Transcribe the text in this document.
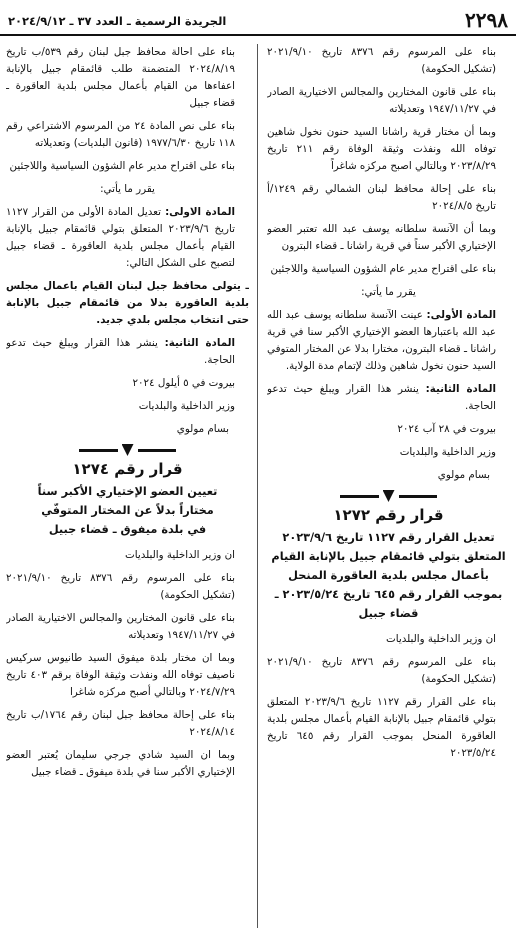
٢٢٩٨
الجريدة الرسمية ـ العدد ٣٧ ـ ٢٠٢٤/٩/١٢

بناء على المرسوم رقم ٨٣٧٦ تاريخ ٢٠٢١/٩/١٠ (تشكيل الحكومة)

بناء على قانون المختارين والمجالس الاختيارية الصادر في ١٩٤٧/١١/٢٧ وتعديلاته

وبما أن مختار قرية راشانا السيد حنون نخول شاهين توفاه الله ونفذت وثيقة الوفاة رقم ٢١١ تاريخ ٢٠٢٣/٨/٢٩ وبالتالي اصبح مركزه شاغراً

بناء على إحالة محافظ لبنان الشمالي رقم ١٢٤٩/أ تاريخ ٢٠٢٤/٨/٥

وبما أن الآنسة سلطانه يوسف عبد الله تعتبر العضو الإختياري الأكبر سناً في قرية راشانا ـ قضاء البترون

بناء على اقتراح مدير عام الشؤون السياسية واللاجئين

يقرر ما يأتي:

المادة الأولى: عينت الآنسة سلطانه يوسف عبد الله عبد الله باعتبارها العضو الإختياري الأكبر سنا في قرية راشانا ـ قضاء البترون، مختارا بدلا عن المختار المتوفي السيد حنون نخول شاهين وذلك لإتمام مدة الولاية.

المادة الثانية: ينشر هذا القرار ويبلغ حيث تدعو الحاجة.

بيروت في ٢٨ آب ٢٠٢٤

وزير الداخلية والبلديات

بسام مولوي

قرار رقم ١٢٧٢
تعديل القرار رقم ١١٢٧ تاريخ ٢٠٢٣/٩/٦ المتعلق بتولي قائمقام جبيل بالإنابة القيام بأعمال مجلس بلدية العاقورة المنحل بموجب القرار رقم ٦٤٥ تاريخ ٢٠٢٣/٥/٢٤ ـ قضاء جبيل

ان وزير الداخلية والبلديات

بناء على المرسوم رقم ٨٣٧٦ تاريخ ٢٠٢١/٩/١٠ (تشكيل الحكومة)

بناء على القرار رقم ١١٢٧ تاريخ ٢٠٢٣/٩/٦ المتعلق بتولي قائمقام جبيل بالإنابة القيام بأعمال مجلس بلدية العاقورة المنحل بموجب القرار رقم ٦٤٥ تاريخ ٢٠٢٣/٥/٢٤

بناء على احالة محافظ جبل لبنان رقم ٥٣٩/ب تاريخ ٢٠٢٤/٨/١٩ المتضمنة طلب قائمقام جبيل بالإنابة اعفاءها من القيام بأعمال مجلس بلدية العاقورة ـ قضاء جبيل

بناء على نص المادة ٢٤ من المرسوم الاشتراعي رقم ١١٨ تاريخ ١٩٧٧/٦/٣٠ (قانون البلديات) وتعديلاته

بناء على اقتراح مدير عام الشؤون السياسية واللاجئين

يقرر ما يأتي:

المادة الاولى: تعديل المادة الأولى من القرار ١١٢٧ تاريخ ٢٠٢٣/٩/٦ المتعلق بتولي قائمقام جبيل بالإنابة القيام بأعمال مجلس بلدية العاقورة ـ قضاء جبيل لتصبح على الشكل التالي:

ـ يتولى محافظ جبل لبنان القيام باعمال مجلس بلدية العاقورة بدلا من قائمقام جبيل بالإنابة حتى انتخاب مجلس بلدي جديد.

المادة الثانية: ينشر هذا القرار ويبلغ حيث تدعو الحاجة.

بيروت في ٥ أيلول ٢٠٢٤

وزير الداخلية والبلديات

بسام مولوي

قرار رقم ١٢٧٤
تعيين العضو الإختياري الأكبر سناً
مختاراً بدلاً عن المختار المتوفّي
في بلدة ميفوق ـ قضاء جبيل

ان وزير الداخلية والبلديات

بناء على المرسوم رقم ٨٣٧٦ تاريخ ٢٠٢١/٩/١٠ (تشكيل الحكومة)

بناء على قانون المختارين والمجالس الاختيارية الصادر في ١٩٤٧/١١/٢٧ وتعديلاته

وبما ان مختار بلدة ميفوق السيد طانيوس سركيس ناصيف توفاه الله ونفذت وثيقة الوفاة برقم ٤٠٣ تاريخ ٢٠٢٤/٧/٢٩ وبالتالي أصبح مركزه شاغرا

بناء على إحالة محافظ جبل لبنان رقم ١٧٦٤/ب تاريخ ٢٠٢٤/٨/١٤

وبما ان السيد شادي جرجي سليمان يُعتبر العضو الإختياري الأكبر سنا في بلدة ميفوق ـ قضاء جبيل
